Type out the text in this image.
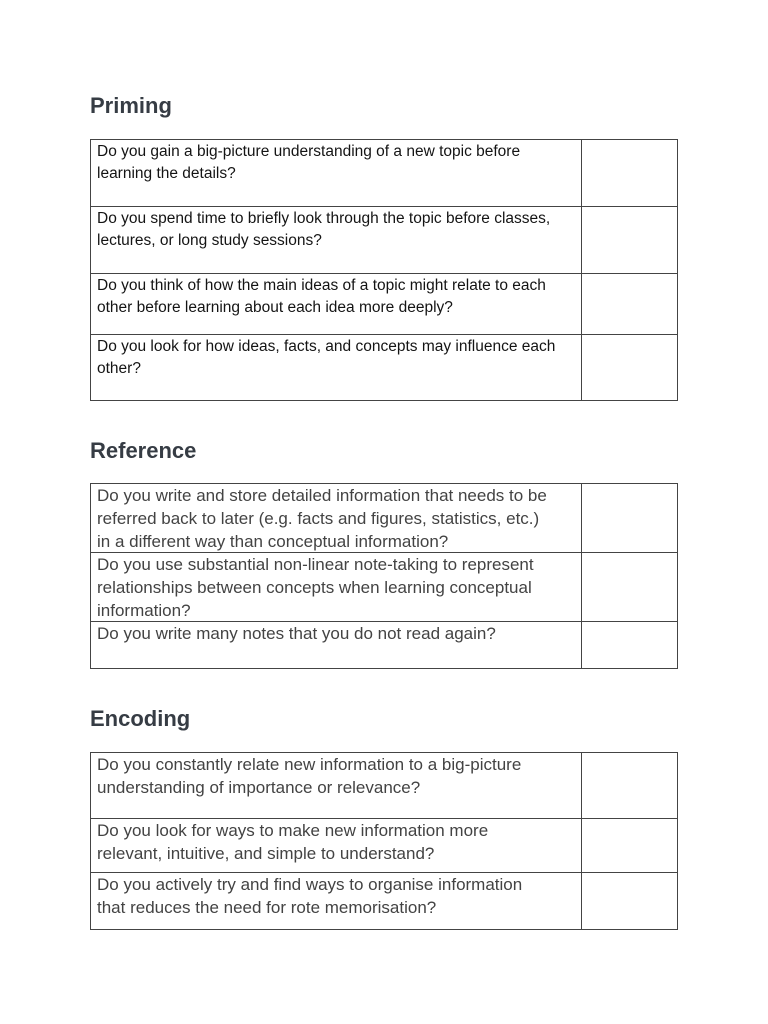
Priming
Do you gain a big-picture understanding of a new topic before
learning the details?
Do you spend time to briefly look through the topic before classes,
lectures, or long study sessions?
Do you think of how the main ideas of a topic might relate to each
other before learning about each idea more deeply?
Do you look for how ideas, facts, and concepts may influence each
other?
Reference
Do you write and store detailed information that needs to be
referred back to later (e.g. facts and figures, statistics, etc.)
in a different way than conceptual information?
Do you use substantial non-linear note-taking to represent
relationships between concepts when learning conceptual
information?
Do you write many notes that you do not read again?
Encoding
Do you constantly relate new information to a big-picture
understanding of importance or relevance?
Do you look for ways to make new information more
relevant, intuitive, and simple to understand?
Do you actively try and find ways to organise information
that reduces the need for rote memorisation?
